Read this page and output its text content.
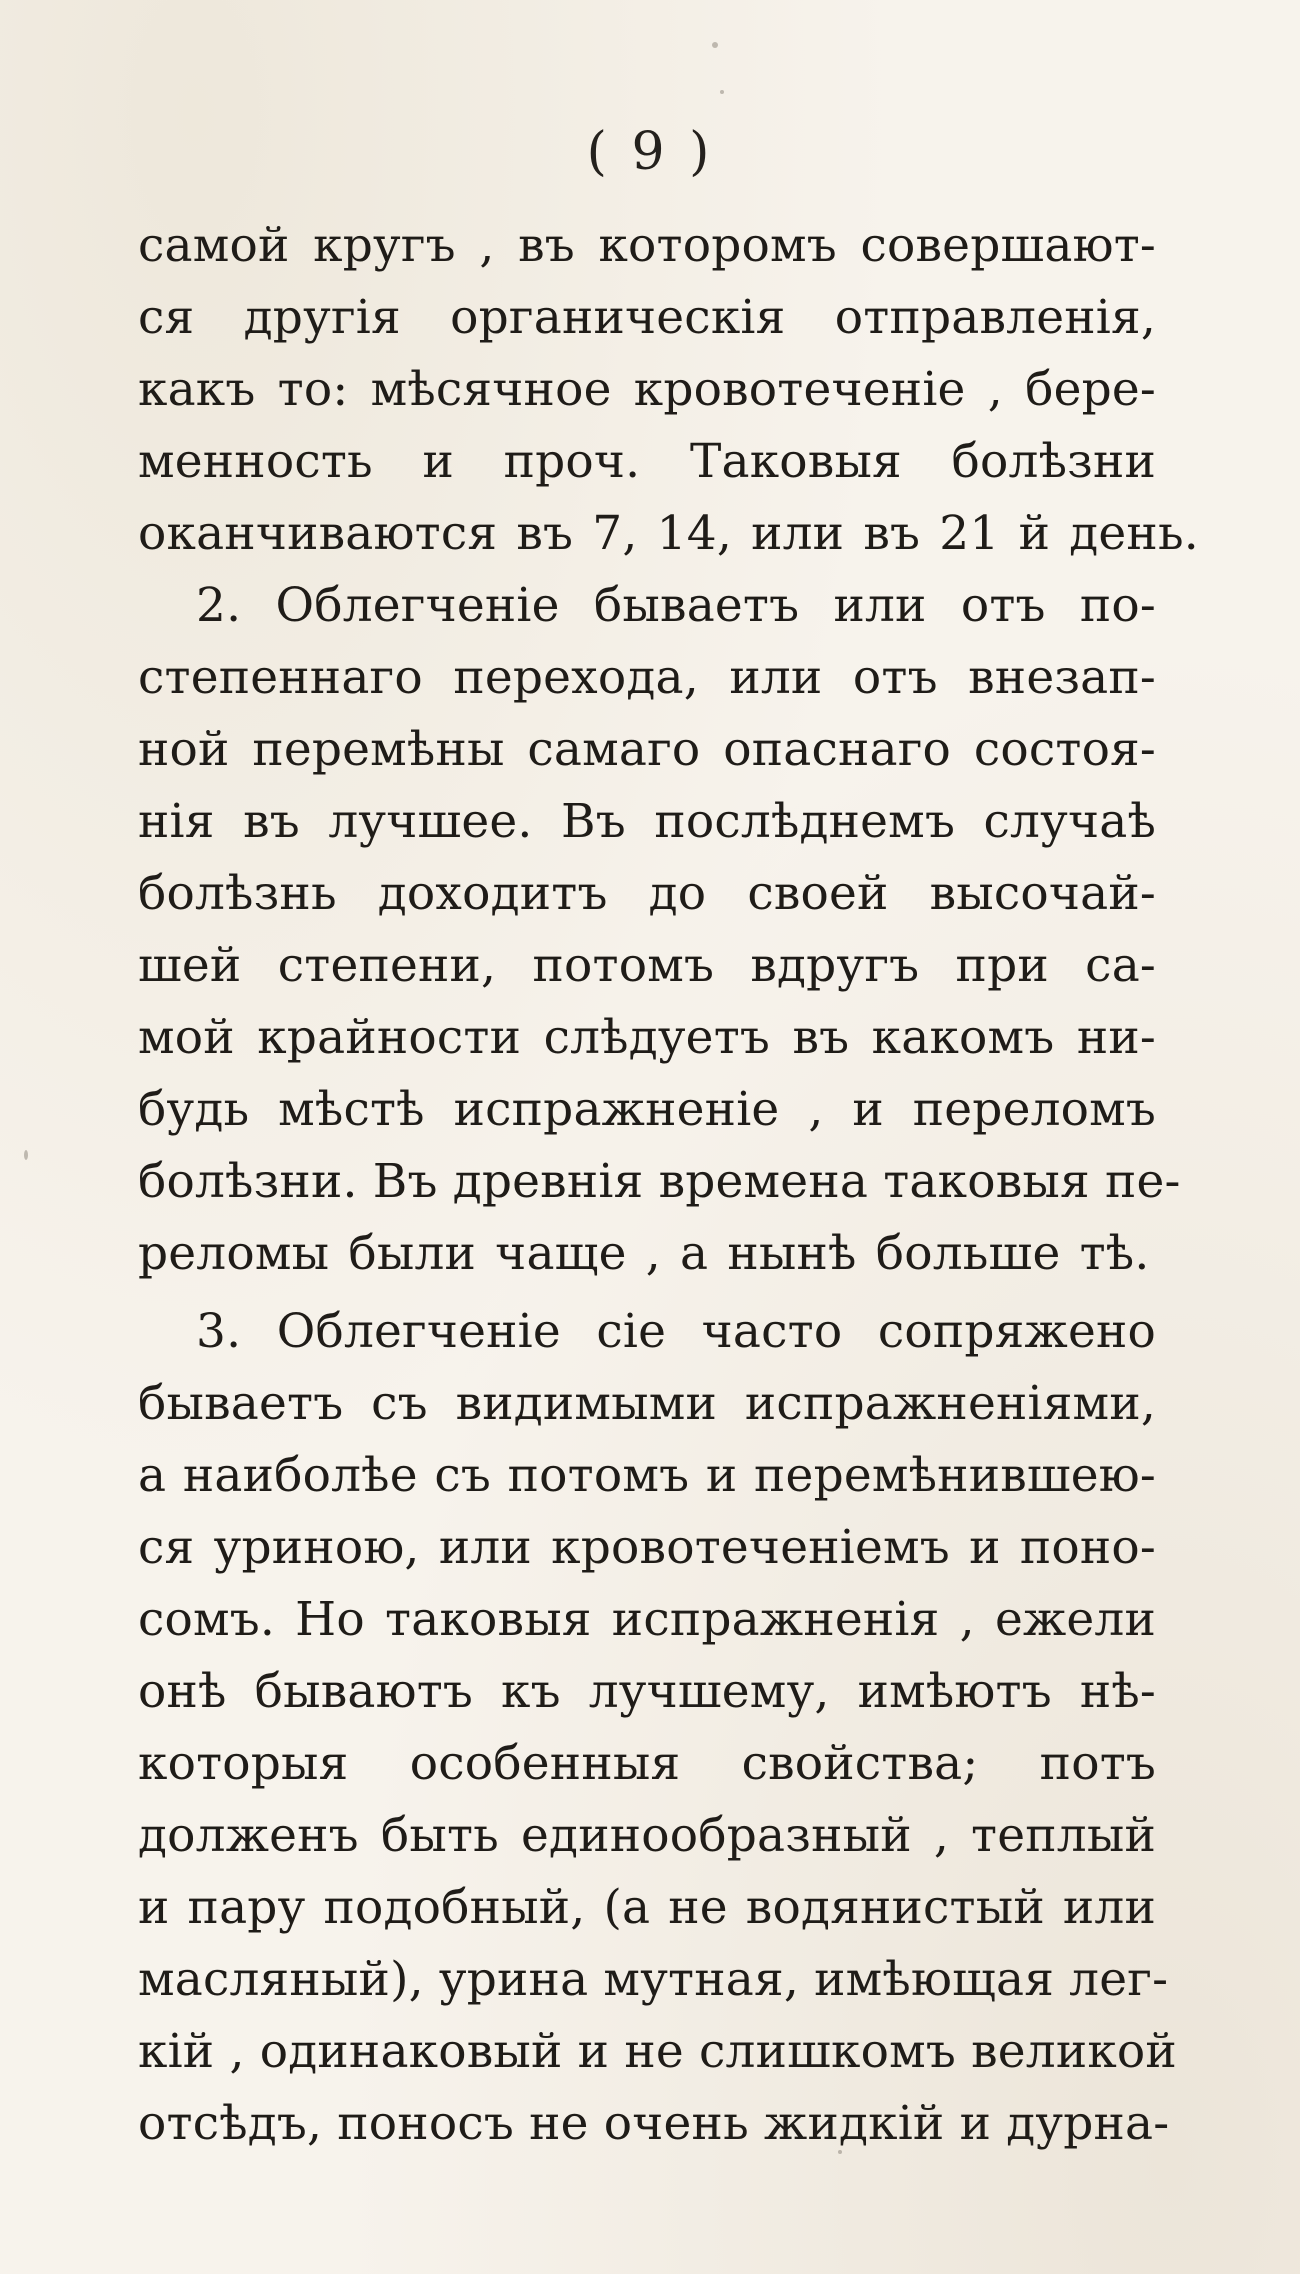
( 9 )
самой кругъ , въ которомъ совершают-
ся другія органическія отправленія,
какъ то: мѣсячное кровотеченіе , бере-
менность и проч. Таковыя болѣзни
оканчиваются въ 7, 14, или въ 21 й день.
2. Облегченіе бываетъ или отъ по-
степеннаго перехода, или отъ внезап-
ной перемѣны самаго опаснаго состоя-
нія въ лучшее. Въ послѣднемъ случаѣ
болѣзнь доходитъ до своей высочай-
шей степени, потомъ вдругъ при са-
мой крайности слѣдуетъ въ какомъ ни-
будь мѣстѣ испражненіе , и переломъ
болѣзни. Въ древнія времена таковыя пе-
реломы были чаще , а нынѣ больше тѣ.
3. Облегченіе сіе часто сопряжено
бываетъ съ видимыми испражненіями,
а наиболѣе съ потомъ и перемѣнившею-
ся уриною, или кровотеченіемъ и поно-
сомъ. Но таковыя испражненія , ежели
онѣ бываютъ къ лучшему, имѣютъ нѣ-
которыя особенныя свойства; потъ
долженъ быть единообразный , теплый
и пару подобный, (а не водянистый или
масляный), урина мутная, имѣющая лег-
кій , одинаковый и не слишкомъ великой
отсѣдъ, поносъ не очень жидкій и дурна-
